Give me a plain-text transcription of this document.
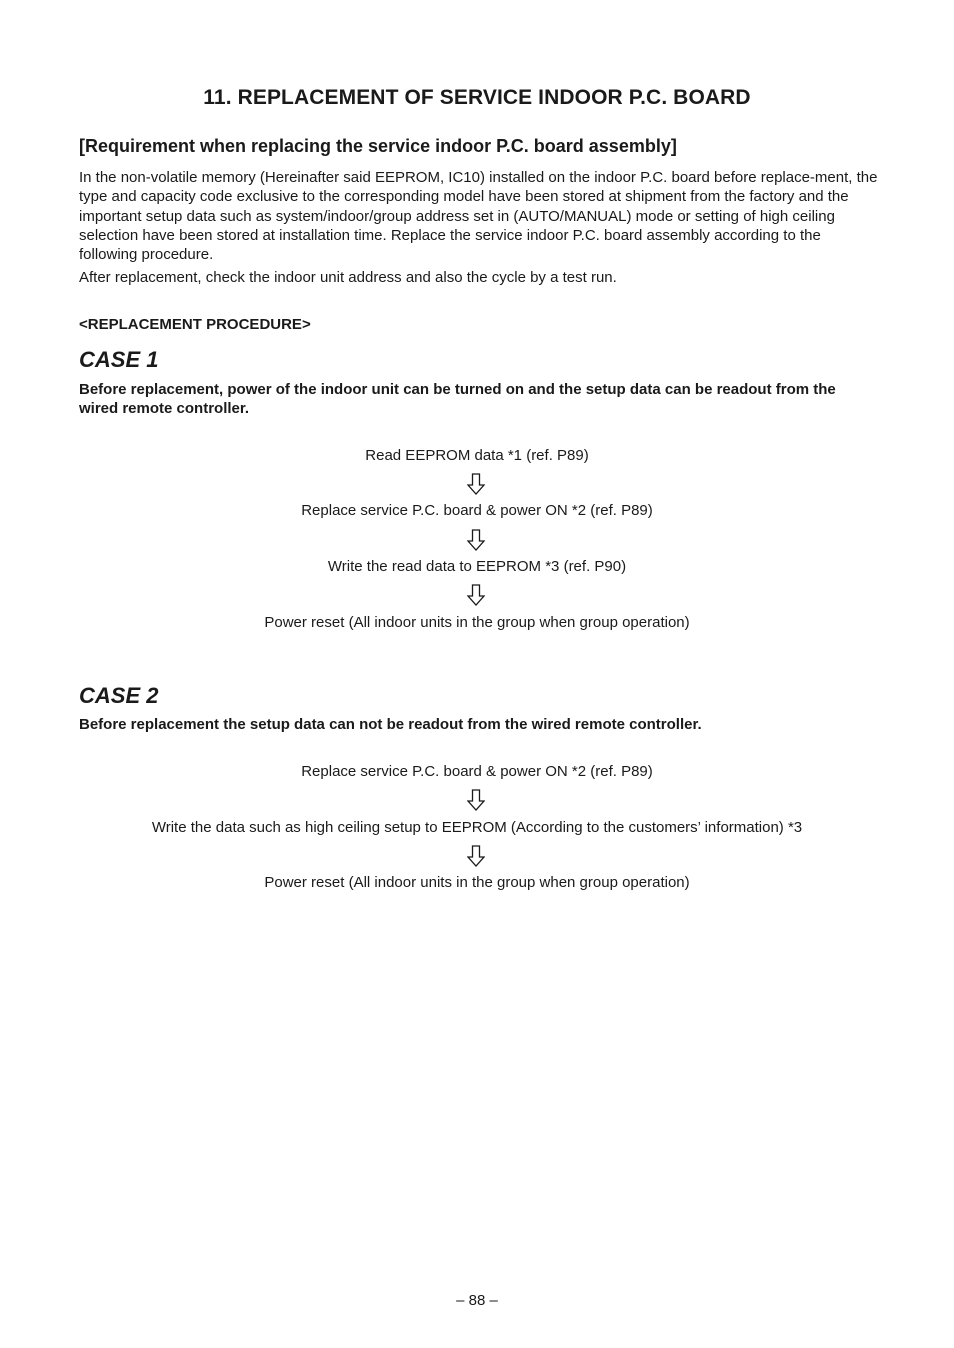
11. REPLACEMENT OF SERVICE INDOOR P.C. BOARD
[Requirement when replacing the service indoor P.C. board assembly]
In the non-volatile memory (Hereinafter said EEPROM, IC10) installed on the indoor P.C. board before replace-ment, the type and capacity code exclusive to the corresponding model have been stored at shipment from the factory and the important setup data such as system/indoor/group address set in (AUTO/MANUAL) mode or setting of high ceiling selection have been stored at installation time. Replace the service indoor P.C. board assembly according to the following procedure.
After replacement, check the indoor unit address and also the cycle by a test run.
<REPLACEMENT PROCEDURE>
CASE 1
Before replacement, power of the indoor unit can be turned on and the setup data can be readout from the wired remote controller.
Read EEPROM data *1 (ref. P89)
Replace service P.C. board & power ON *2 (ref. P89)
Write the read data to EEPROM *3 (ref. P90)
Power reset (All indoor units in the group when group operation)
CASE 2
Before replacement the setup data can not be readout from the wired remote controller.
Replace service P.C. board & power ON *2 (ref. P89)
Write the data such as high ceiling setup to EEPROM (According to the customers’ information) *3
Power reset (All indoor units in the group when group operation)
– 88 –
